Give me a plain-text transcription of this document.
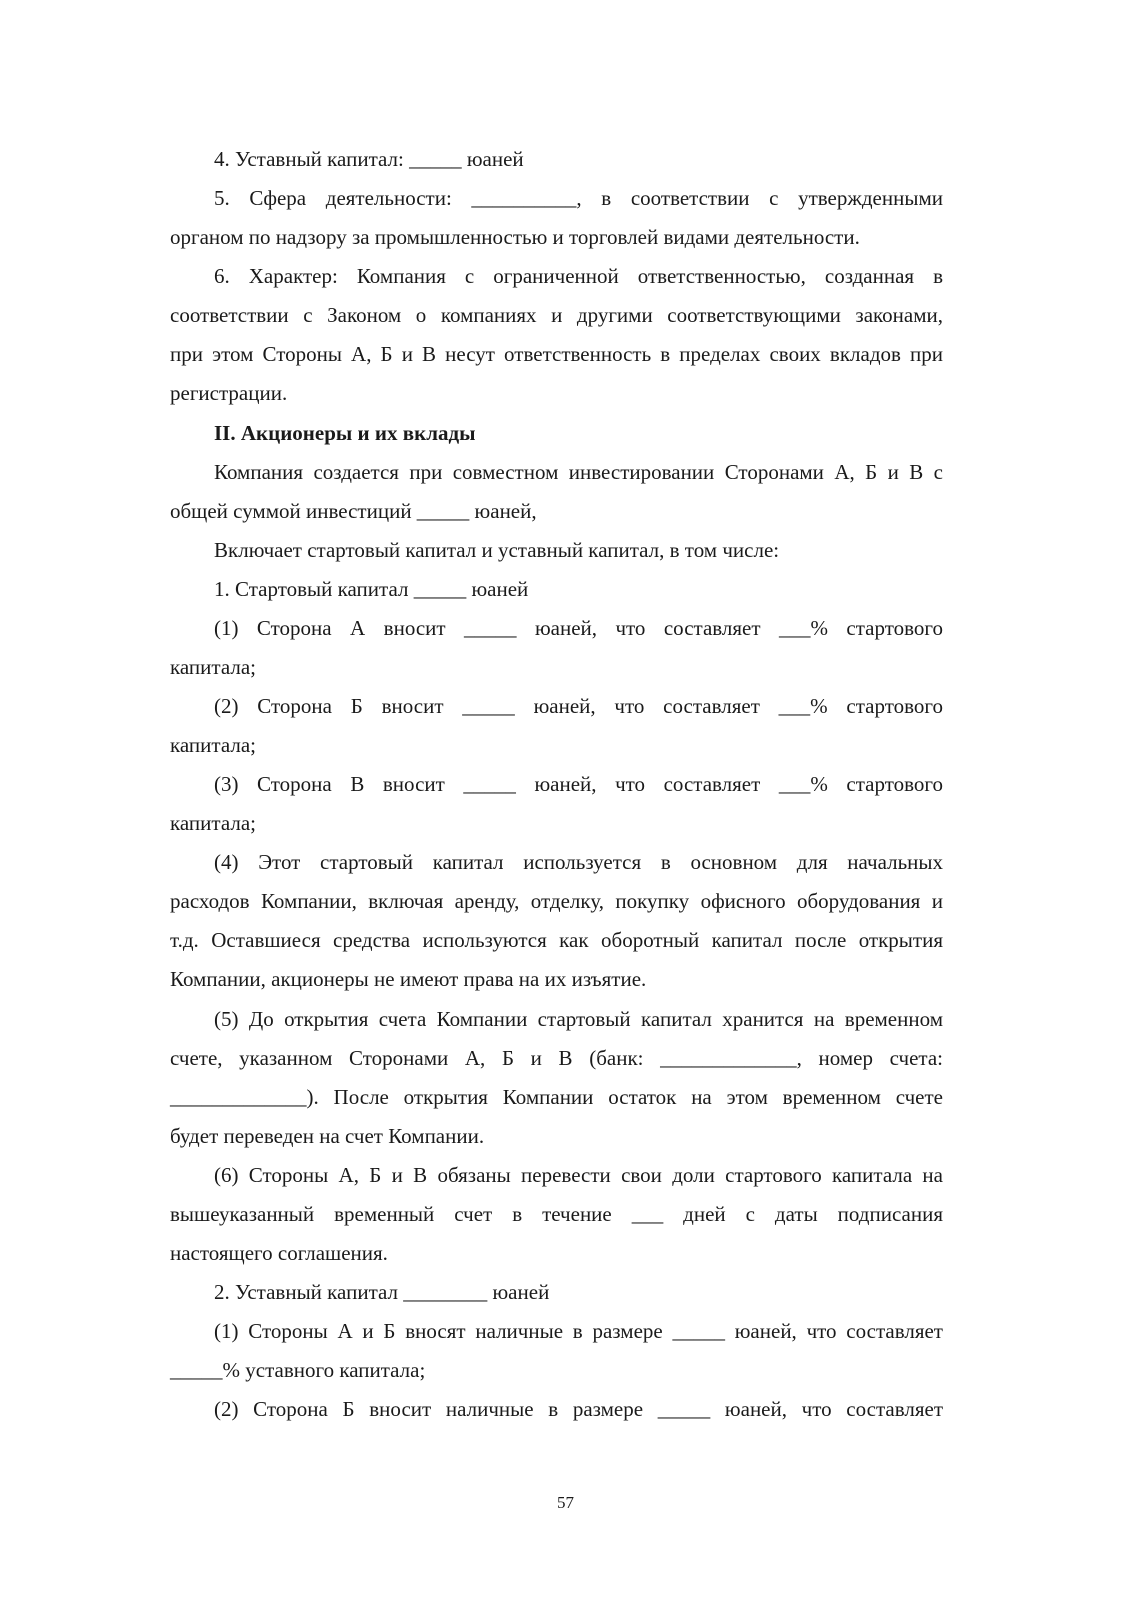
4. Уставный капитал: _____ юаней
5. Сфера деятельности: __________, в соответствии с утвержденными
органом по надзору за промышленностью и торговлей видами деятельности.
6. Характер: Компания с ограниченной ответственностью, созданная в
соответствии с Законом о компаниях и другими соответствующими законами,
при этом Стороны А, Б и В несут ответственность в пределах своих вкладов при
регистрации.
II. Акционеры и их вклады
Компания создается при совместном инвестировании Сторонами А, Б и В с
общей суммой инвестиций _____ юаней,
Включает стартовый капитал и уставный капитал, в том числе:
1. Стартовый капитал _____ юаней
(1) Сторона А вносит _____ юаней, что составляет ___% стартового
капитала;
(2) Сторона Б вносит _____ юаней, что составляет ___% стартового
капитала;
(3) Сторона В вносит _____ юаней, что составляет ___% стартового
капитала;
(4) Этот стартовый капитал используется в основном для начальных
расходов Компании, включая аренду, отделку, покупку офисного оборудования и
т.д. Оставшиеся средства используются как оборотный капитал после открытия
Компании, акционеры не имеют права на их изъятие.
(5) До открытия счета Компании стартовый капитал хранится на временном
счете, указанном Сторонами А, Б и В (банк: _____________, номер счета:
_____________). После открытия Компании остаток на этом временном счете
будет переведен на счет Компании.
(6) Стороны А, Б и В обязаны перевести свои доли стартового капитала на
вышеуказанный временный счет в течение ___ дней с даты подписания
настоящего соглашения.
2. Уставный капитал ________ юаней
(1) Стороны А и Б вносят наличные в размере _____ юаней, что составляет
_____% уставного капитала;
(2) Сторона Б вносит наличные в размере _____ юаней, что составляет
57
